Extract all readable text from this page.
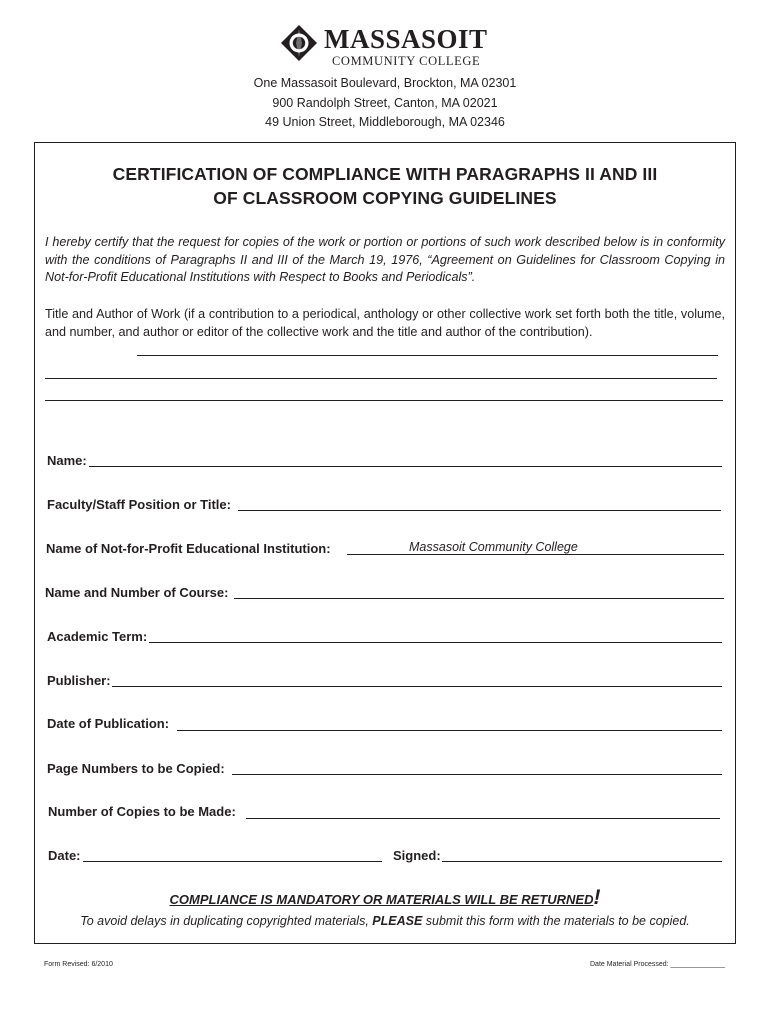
MASSASOIT
COMMUNITY COLLEGE
One Massasoit Boulevard, Brockton, MA 02301
900 Randolph Street, Canton, MA 02021
49 Union Street, Middleborough, MA 02346
CERTIFICATION OF COMPLIANCE WITH PARAGRAPHS II AND III
OF CLASSROOM COPYING GUIDELINES
I hereby certify that the request for copies of the work or portion or portions of such work described below is in conformity with the conditions of Paragraphs II and III of the March 19, 1976, “Agreement on Guidelines for Classroom Copying in Not-for-Profit Educational Institutions with Respect to Books and Periodicals”.
Title and Author of Work (if a contribution to a periodical, anthology or other collective work set forth both the title, volume, and number, and author or editor of the collective work and the title and author of the contribution).
Name:
Faculty/Staff Position or Title:
Name of Not-for-Profit Educational Institution:	Massasoit Community College
Name and Number of Course:
Academic Term:
Publisher:
Date of Publication:
Page Numbers to be Copied:
Number of Copies to be Made:
Date:	Signed:
COMPLIANCE IS MANDATORY OR MATERIALS WILL BE RETURNED!
To avoid delays in duplicating copyrighted materials, PLEASE submit this form with the materials to be copied.
Form Revised: 6/2010	Date Material Processed: ______________
